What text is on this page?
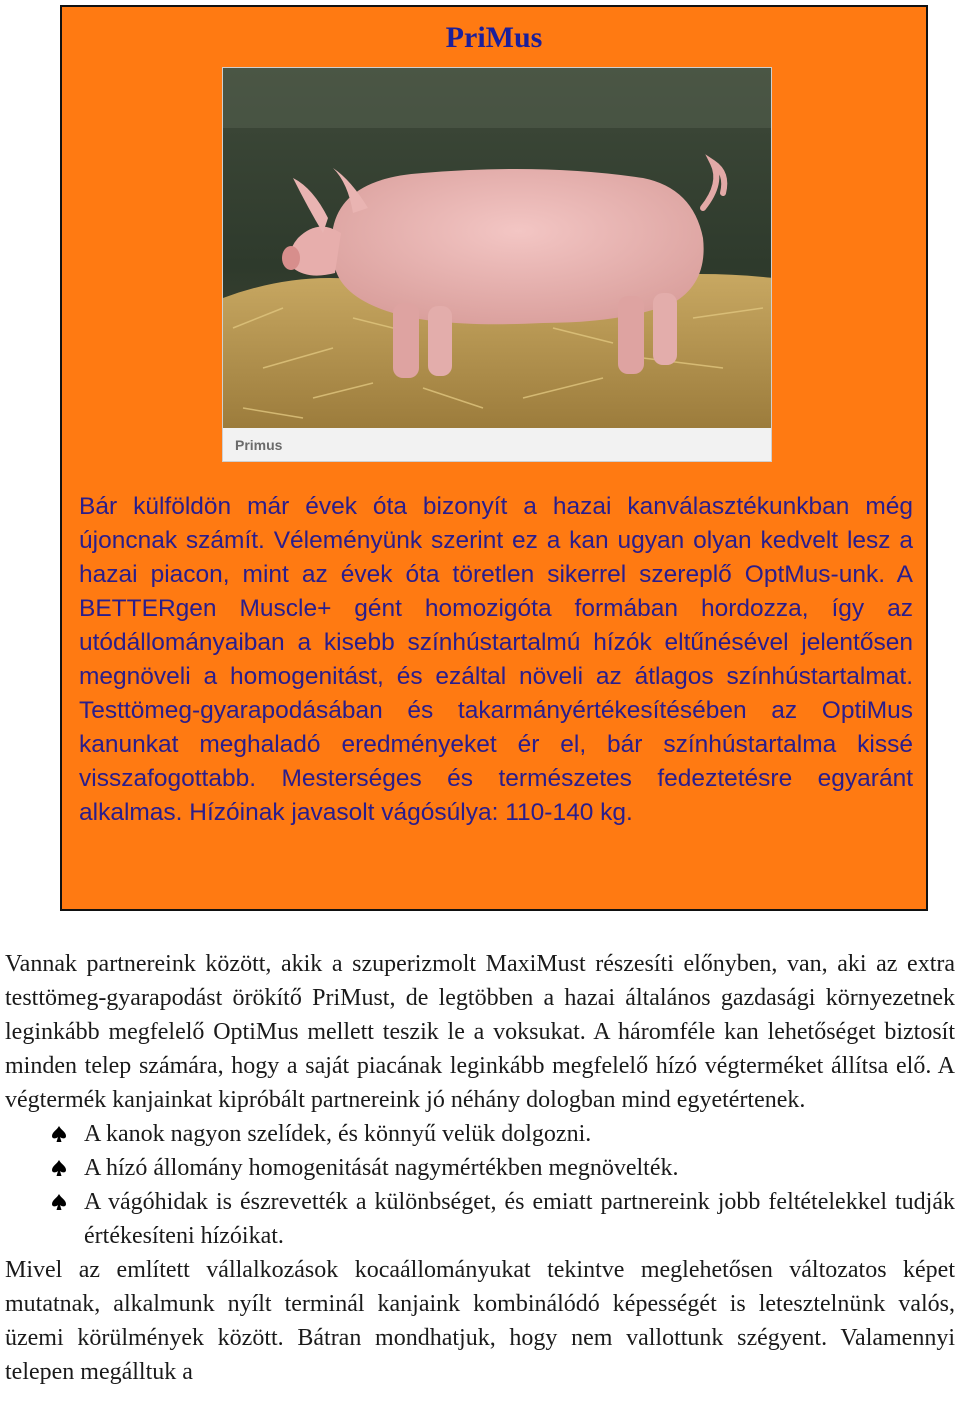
PriMus
Primus
Bár külföldön már évek óta bizonyít a hazai kanválasztékunkban még újoncnak számít. Véleményünk szerint ez a kan ugyan olyan kedvelt lesz a hazai piacon, mint az évek óta töretlen sikerrel szereplő OptMus-unk. A BETTERgen Muscle+ gént homozigóta formában hordozza, így az utódállományaiban a kisebb színhústartalmú hízók eltűnésével jelentősen megnöveli a homogenitást, és ezáltal növeli az átlagos színhústartalmat. Testtömeg-gyarapodásában és takarmányértékesítésében az OptiMus kanunkat meghaladó eredményeket ér el, bár színhústartalma kissé visszafogottabb. Mesterséges és természetes fedeztetésre egyaránt alkalmas. Hízóinak javasolt vágósúlya: 110-140 kg.

Vannak partnereink között, akik a szuperizmolt MaxiMust részesíti előnyben, van, aki az extra testtömeg-gyarapodást örökítő PriMust, de legtöbben a hazai általános gazdasági környezetnek leginkább megfelelő OptiMus mellett teszik le a voksukat. A háromféle kan lehetőséget biztosít minden telep számára, hogy a saját piacának leginkább megfelelő hízó végterméket állítsa elő. A végtermék kanjainkat kipróbált partnereink jó néhány dologban mind egyetértenek.

A kanok nagyon szelídek, és könnyű velük dolgozni.
A hízó állomány homogenitását nagymértékben megnövelték.
A vágóhidak is észrevették a különbséget, és emiatt partnereink jobb feltételekkel tudják értékesíteni hízóikat.

Mivel az említett vállalkozások kocaállományukat tekintve meglehetősen változatos képet mutatnak, alkalmunk nyílt terminál kanjaink kombinálódó képességét is letesztelnünk valós, üzemi körülmények között. Bátran mondhatjuk, hogy nem vallottunk szégyent. Valamennyi telepen megálltuk a
